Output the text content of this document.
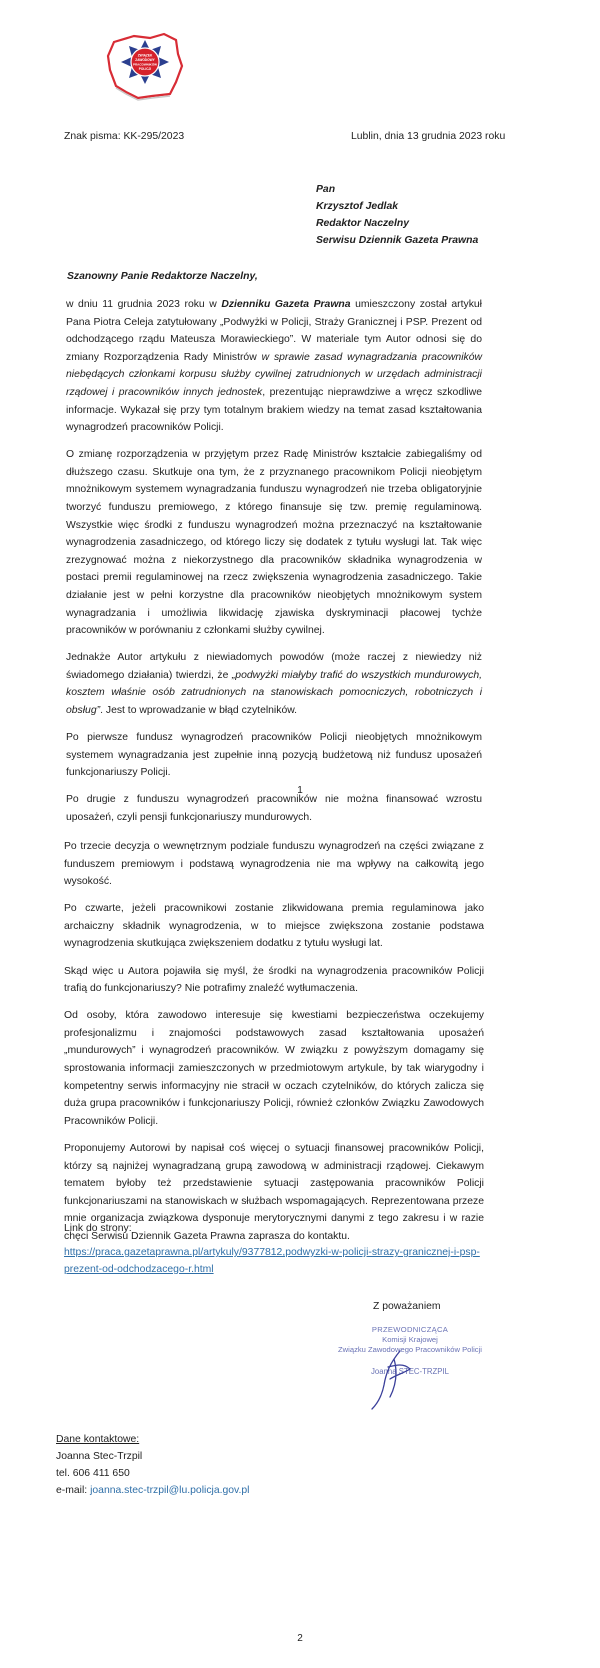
ZWIĄZEK
ZAWODOWY
PRACOWNIKÓW
POLICJI
Znak pisma: KK-295/2023	Lublin, dnia 13 grudnia 2023 roku
Pan
Krzysztof Jedlak
Redaktor Naczelny
Serwisu Dziennik Gazeta Prawna
Szanowny Panie Redaktorze Naczelny,

w dniu 11 grudnia 2023 roku w Dzienniku Gazeta Prawna umieszczony został artykuł Pana Piotra Celeja zatytułowany „Podwyżki w Policji, Straży Granicznej i PSP. Prezent od odchodzącego rządu Mateusza Morawieckiego”. W materiale tym Autor odnosi się do zmiany Rozporządzenia Rady Ministrów w sprawie zasad wynagradzania pracowników niebędących członkami korpusu służby cywilnej zatrudnionych w urzędach administracji rządowej i pracowników innych jednostek, prezentując nieprawdziwe a wręcz szkodliwe informacje. Wykazał się przy tym totalnym brakiem wiedzy na temat zasad kształtowania wynagrodzeń pracowników Policji.

O zmianę rozporządzenia w przyjętym przez Radę Ministrów kształcie zabiegaliśmy od dłuższego czasu. Skutkuje ona tym, że z przyznanego pracownikom Policji nieobjętym mnożnikowym systemem wynagradzania funduszu wynagrodzeń nie trzeba obligatoryjnie tworzyć funduszu premiowego, z którego finansuje się tzw. premię regulaminową. Wszystkie więc środki z funduszu wynagrodzeń można przeznaczyć na kształtowanie wynagrodzenia zasadniczego, od którego liczy się dodatek z tytułu wysługi lat. Tak więc zrezygnować można z niekorzystnego dla pracowników składnika wynagrodzenia w postaci premii regulaminowej na rzecz zwiększenia wynagrodzenia zasadniczego. Takie działanie jest w pełni korzystne dla pracowników nieobjętych mnożnikowym system wynagradzania i umożliwia likwidację zjawiska dyskryminacji płacowej tychże pracowników w porównaniu z członkami służby cywilnej.

Jednakże Autor artykułu z niewiadomych powodów (może raczej z niewiedzy niż świadomego działania) twierdzi, że „podwyżki miałyby trafić do wszystkich mundurowych, kosztem właśnie osób zatrudnionych na stanowiskach pomocniczych, robotniczych i obsług”. Jest to wprowadzanie w błąd czytelników.

Po pierwsze fundusz wynagrodzeń pracowników Policji nieobjętych mnożnikowym systemem wynagradzania jest zupełnie inną pozycją budżetową niż fundusz uposażeń funkcjonariuszy Policji.

Po drugie z funduszu wynagrodzeń pracowników nie można finansować wzrostu uposażeń, czyli pensji funkcjonariuszy mundurowych.

1

Po trzecie decyzja o wewnętrznym podziale funduszu wynagrodzeń na części związane z funduszem premiowym i podstawą wynagrodzenia nie ma wpływy na całkowitą jego wysokość.

Po czwarte, jeżeli pracownikowi zostanie zlikwidowana premia regulaminowa jako archaiczny składnik wynagrodzenia, w to miejsce zwiększona zostanie podstawa wynagrodzenia skutkująca zwiększeniem dodatku z tytułu wysługi lat.

Skąd więc u Autora pojawiła się myśl, że środki na wynagrodzenia pracowników Policji trafią do funkcjonariuszy? Nie potrafimy znaleźć wytłumaczenia.

Od osoby, która zawodowo interesuje się kwestiami bezpieczeństwa oczekujemy profesjonalizmu i znajomości podstawowych zasad kształtowania uposażeń „mundurowych” i wynagrodzeń pracowników. W związku z powyższym domagamy się sprostowania informacji zamieszczonych w przedmiotowym artykule, by tak wiarygodny i kompetentny serwis informacyjny nie stracił w oczach czytelników, do których zalicza się duża grupa pracowników i funkcjonariuszy Policji, również członków Związku Zawodowych Pracowników Policji.

Proponujemy Autorowi by napisał coś więcej o sytuacji finansowej pracowników Policji, którzy są najniżej wynagradzaną grupą zawodową w administracji rządowej. Ciekawym tematem byłoby też przedstawienie sytuacji zastępowania pracowników Policji funkcjonariuszami na stanowiskach w służbach wspomagających. Reprezentowana przeze mnie organizacja związkowa dysponuje merytorycznymi danymi z tego zakresu i w razie chęci Serwisu Dziennik Gazeta Prawna zaprasza do kontaktu.

Link do strony:
https://praca.gazetaprawna.pl/artykuly/9377812,podwyzki-w-policji-strazy-granicznej-i-psp-prezent-od-odchodzacego-r.html
Z poważaniem
PRZEWODNICZĄCA
Komisji Krajowej
Związku Zawodowego Pracowników Policji
Joanna STEC-TRZPIL
Dane kontaktowe:
Joanna Stec-Trzpil
tel. 606 411 650
e-mail: joanna.stec-trzpil@lu.policja.gov.pl
2
